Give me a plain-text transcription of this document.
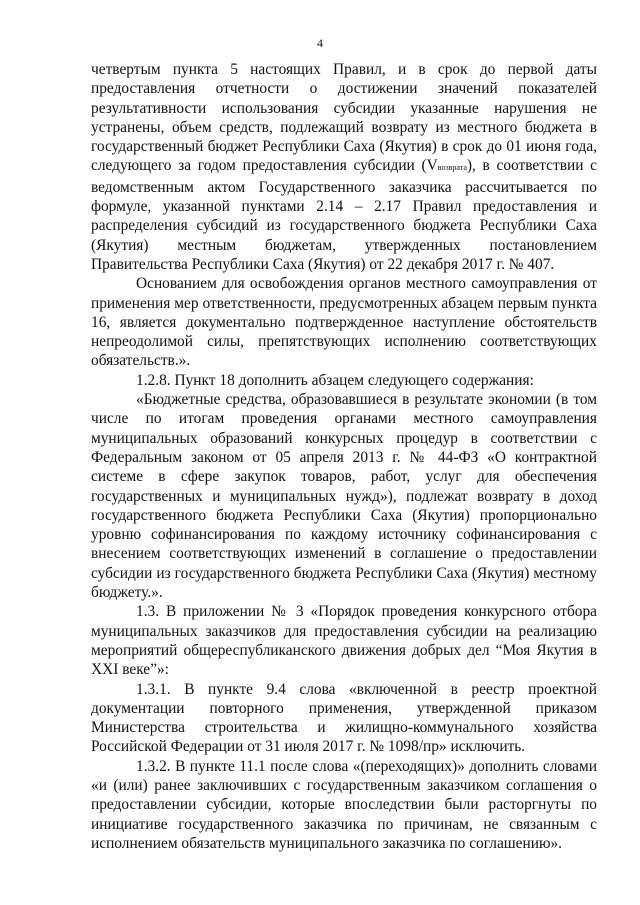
4

четвертым пункта 5 настоящих Правил, и в срок до первой даты предоставления отчетности о достижении значений показателей результативности использования субсидии указанные нарушения не устранены, объем средств, подлежащий возврату из местного бюджета в государственный бюджет Республики Саха (Якутия) в срок до 01 июня года, следующего за годом предоставления субсидии (Vвозврата), в соответствии с ведомственным актом Государственного заказчика рассчитывается по формуле, указанной пунктами 2.14 – 2.17 Правил предоставления и распределения субсидий из государственного бюджета Республики Саха (Якутия) местным бюджетам, утвержденных постановлением Правительства Республики Саха (Якутия) от 22 декабря 2017 г. № 407.

Основанием для освобождения органов местного самоуправления от применения мер ответственности, предусмотренных абзацем первым пункта 16, является документально подтвержденное наступление обстоятельств непреодолимой силы, препятствующих исполнению соответствующих обязательств.».

1.2.8. Пункт 18 дополнить абзацем следующего содержания:

«Бюджетные средства, образовавшиеся в результате экономии (в том числе по итогам проведения органами местного самоуправления муниципальных образований конкурсных процедур в соответствии с Федеральным законом от 05 апреля 2013 г. № 44-ФЗ «О контрактной системе в сфере закупок товаров, работ, услуг для обеспечения государственных и муниципальных нужд»), подлежат возврату в доход государственного бюджета Республики Саха (Якутия) пропорционально уровню софинансирования по каждому источнику софинансирования с внесением соответствующих изменений в соглашение о предоставлении субсидии из государственного бюджета Республики Саха (Якутия) местному бюджету.».

1.3. В приложении № 3 «Порядок проведения конкурсного отбора муниципальных заказчиков для предоставления субсидии на реализацию мероприятий общереспубликанского движения добрых дел “Моя Якутия в XXI веке”»:

1.3.1. В пункте 9.4 слова «включенной в реестр проектной документации повторного применения, утвержденной приказом Министерства строительства и жилищно-коммунального хозяйства Российской Федерации от 31 июля 2017 г. № 1098/пр» исключить.

1.3.2. В пункте 11.1 после слова «(переходящих)» дополнить словами «и (или) ранее заключивших с государственным заказчиком соглашения о предоставлении субсидии, которые впоследствии были расторгнуты по инициативе государственного заказчика по причинам, не связанным с исполнением обязательств муниципального заказчика по соглашению».
